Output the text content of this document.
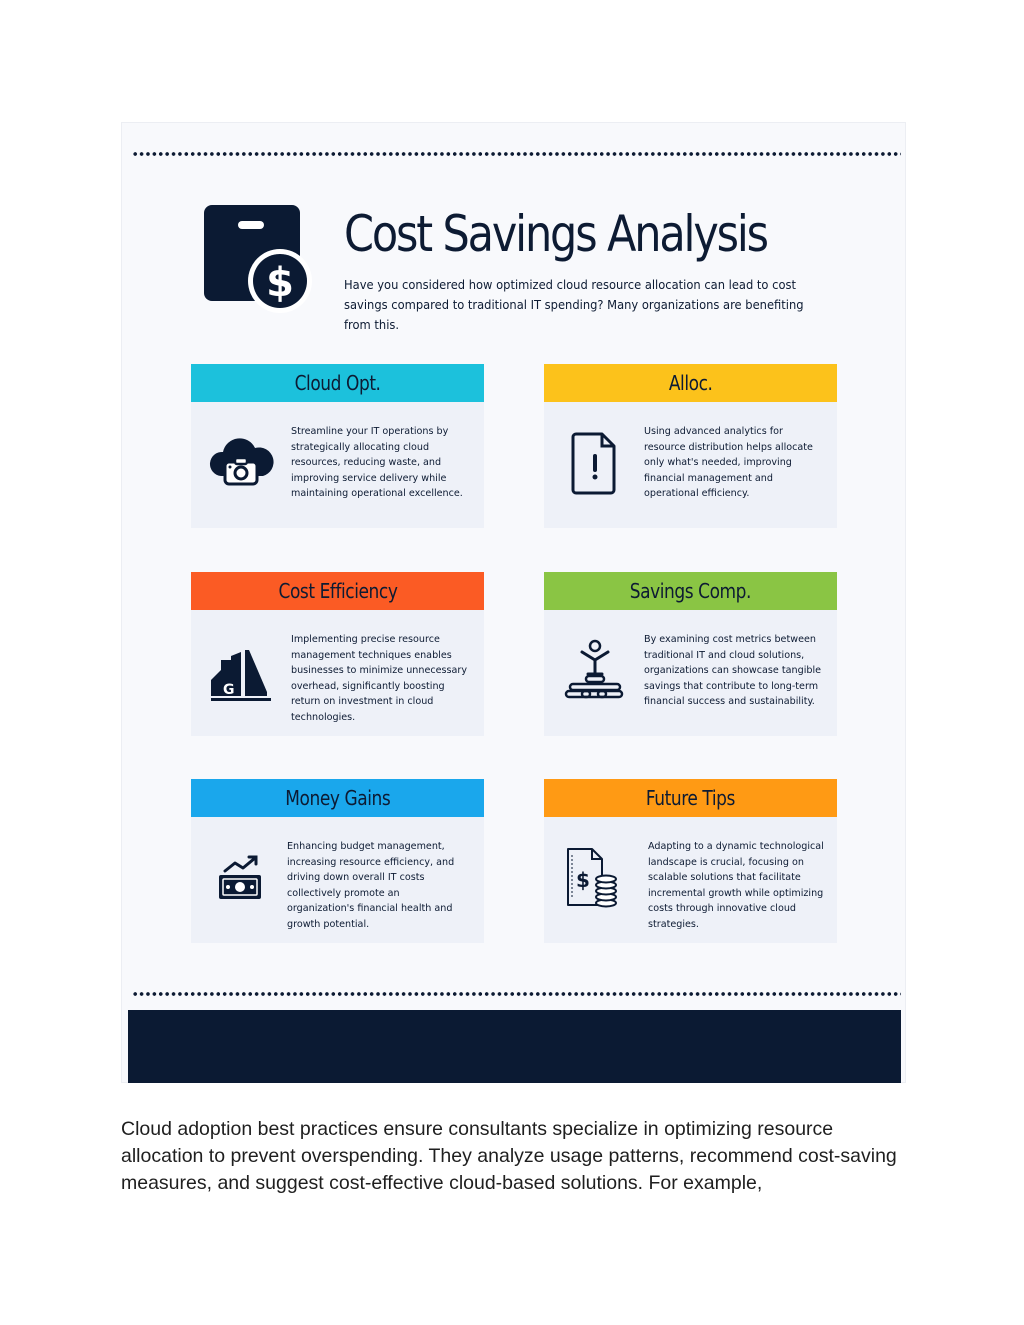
$
Cost Savings Analysis

Have you considered how optimized cloud resource allocation can lead to cost savings compared to traditional IT spending? Many organizations are benefiting from this.

Cloud Opt.

Streamline your IT operations by strategically allocating cloud resources, reducing waste, and improving service delivery while maintaining operational excellence.

Alloc.

Using advanced analytics for resource distribution helps allocate only what's needed, improving financial management and operational efficiency.

Cost Efficiency
G

Implementing precise resource management techniques enables businesses to minimize unnecessary overhead, significantly boosting return on investment in cloud technologies.

Savings Comp.

By examining cost metrics between traditional IT and cloud solutions, organizations can showcase tangible savings that contribute to long-term financial success and sustainability.

Money Gains

Enhancing budget management, increasing resource efficiency, and driving down overall IT costs collectively promote an organization's financial health and growth potential.

Future Tips
$

Adapting to a dynamic technological landscape is crucial, focusing on scalable solutions that facilitate incremental growth while optimizing costs through innovative cloud strategies.

Cloud adoption best practices ensure consultants specialize in optimizing resource allocation to prevent overspending. They analyze usage patterns, recommend cost-saving measures, and suggest cost-effective cloud-based solutions. For example,
